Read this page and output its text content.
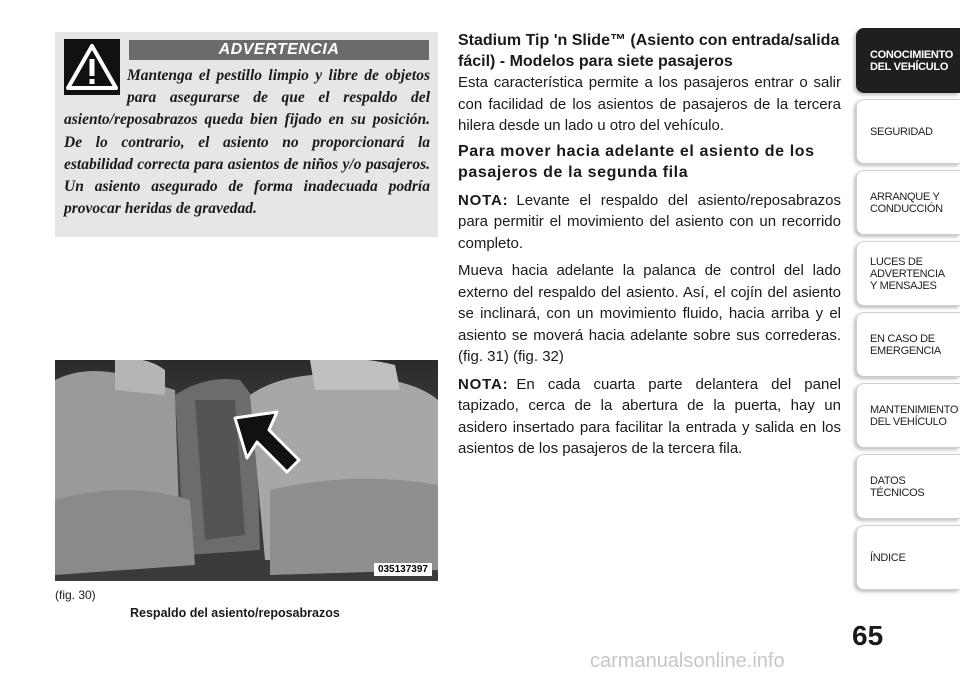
ADVERTENCIA

Mantenga el pestillo limpio y libre de objetos para asegurarse de que el respaldo del asiento/reposabrazos queda bien fijado en su posición. De lo contrario, el asiento no proporcionará la estabilidad correcta para asientos de niños y/o pasajeros. Un asiento asegurado de forma inadecuada podría provocar heridas de gravedad.

035137397
(fig. 30)
Respaldo del asiento/reposabrazos

Stadium Tip 'n Slide™ (Asiento con entrada/salida fácil) - Modelos para siete pasajeros

Esta característica permite a los pasajeros entrar o salir con facilidad de los asientos de pasajeros de la tercera hilera desde un lado u otro del vehículo.

Para mover hacia adelante el asiento de los pasajeros de la segunda fila

NOTA: Levante el respaldo del asiento/reposabrazos para permitir el movimiento del asiento con un recorrido completo.

Mueva hacia adelante la palanca de control del lado externo del respaldo del asiento. Así, el cojín del asiento se inclinará, con un movimiento fluido, hacia arriba y el asiento se moverá hacia adelante sobre sus correderas. (fig. 31) (fig. 32)

NOTA: En cada cuarta parte delantera del panel tapizado, cerca de la abertura de la puerta, hay un asidero insertado para facilitar la entrada y salida en los asientos de los pasajeros de la tercera fila.

CONOCIMIENTO DEL VEHÍCULO
SEGURIDAD
ARRANQUE Y CONDUCCIÓN
LUCES DE ADVERTENCIA Y MENSAJES
EN CASO DE EMERGENCIA
MANTENIMIENTO DEL VEHÍCULO
DATOS TÉCNICOS
ÍNDICE
65
carmanualsonline.info
